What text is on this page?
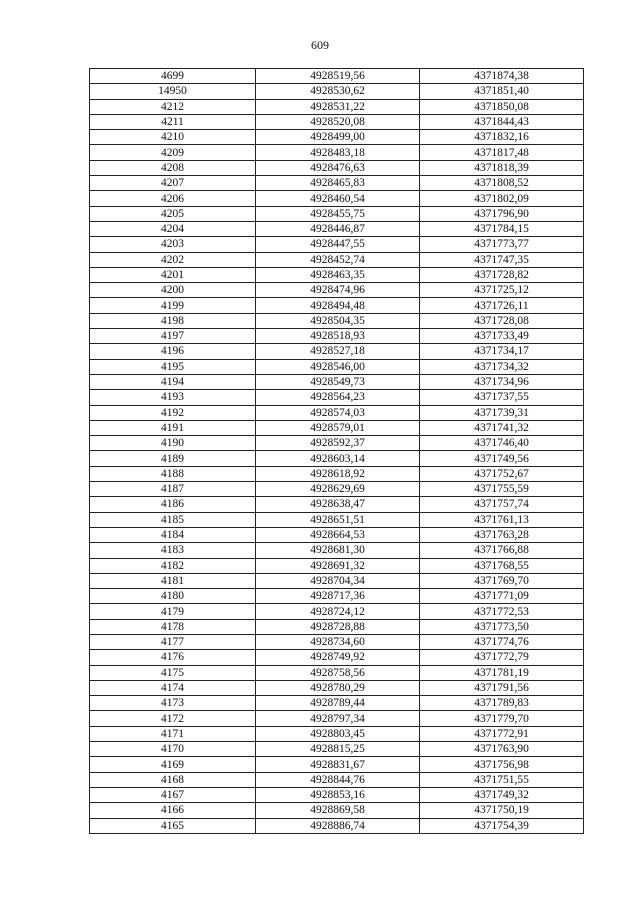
609
4699	4928519,56	4371874,38
14950	4928530,62	4371851,40
4212	4928531,22	4371850,08
4211	4928520,08	4371844,43
4210	4928499,00	4371832,16
4209	4928483,18	4371817,48
4208	4928476,63	4371818,39
4207	4928465,83	4371808,52
4206	4928460,54	4371802,09
4205	4928455,75	4371796,90
4204	4928446,87	4371784,15
4203	4928447,55	4371773,77
4202	4928452,74	4371747,35
4201	4928463,35	4371728,82
4200	4928474,96	4371725,12
4199	4928494,48	4371726,11
4198	4928504,35	4371728,08
4197	4928518,93	4371733,49
4196	4928527,18	4371734,17
4195	4928546,00	4371734,32
4194	4928549,73	4371734,96
4193	4928564,23	4371737,55
4192	4928574,03	4371739,31
4191	4928579,01	4371741,32
4190	4928592,37	4371746,40
4189	4928603,14	4371749,56
4188	4928618,92	4371752,67
4187	4928629,69	4371755,59
4186	4928638,47	4371757,74
4185	4928651,51	4371761,13
4184	4928664,53	4371763,28
4183	4928681,30	4371766,88
4182	4928691,32	4371768,55
4181	4928704,34	4371769,70
4180	4928717,36	4371771,09
4179	4928724,12	4371772,53
4178	4928728,88	4371773,50
4177	4928734,60	4371774,76
4176	4928749,92	4371772,79
4175	4928758,56	4371781,19
4174	4928780,29	4371791,56
4173	4928789,44	4371789,83
4172	4928797,34	4371779,70
4171	4928803,45	4371772,91
4170	4928815,25	4371763,90
4169	4928831,67	4371756,98
4168	4928844,76	4371751,55
4167	4928853,16	4371749,32
4166	4928869,58	4371750,19
4165	4928886,74	4371754,39
